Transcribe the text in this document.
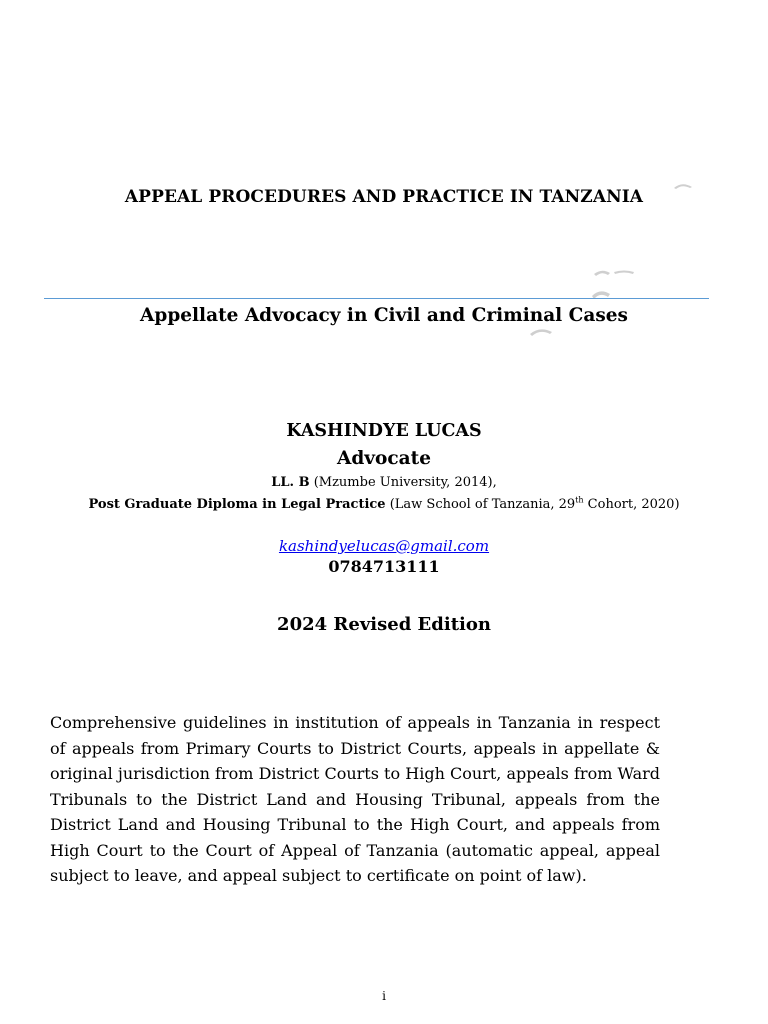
APPEAL PROCEDURES AND PRACTICE IN TANZANIA
Appellate Advocacy in Civil and Criminal Cases
KASHINDYE LUCAS
Advocate
LL. B (Mzumbe University, 2014),
Post Graduate Diploma in Legal Practice (Law School of Tanzania, 29th Cohort, 2020)
kashindyelucas@gmail.com
0784713111
2024 Revised Edition
Comprehensive guidelines in institution of appeals in Tanzania in respect of appeals from Primary Courts to District Courts, appeals in appellate & original jurisdiction from District Courts to High Court, appeals from Ward Tribunals to the District Land and Housing Tribunal, appeals from the District Land and Housing Tribunal to the High Court, and appeals from High Court to the Court of Appeal of Tanzania (automatic appeal, appeal subject to leave, and appeal subject to certificate on point of law).
i
